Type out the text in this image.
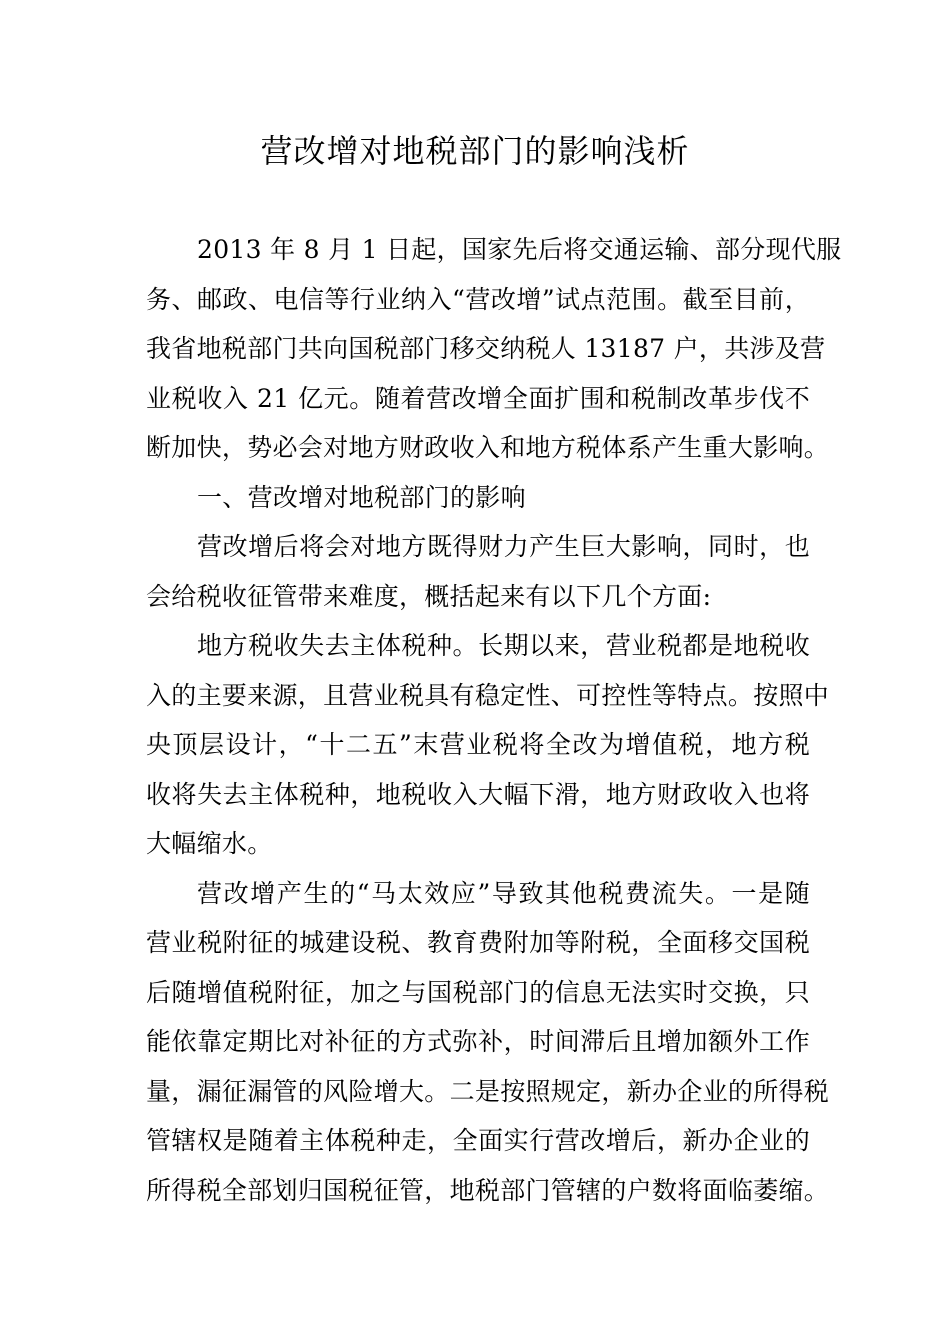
营改增对地税部门的影响浅析

2013 年 8 月 1 日起，国家先后将交通运输、部分现代服
务、邮政、电信等行业纳入“营改增”试点范围。截至目前，
我省地税部门共向国税部门移交纳税人 13187 户，共涉及营
业税收入 21 亿元。随着营改增全面扩围和税制改革步伐不
断加快，势必会对地方财政收入和地方税体系产生重大影响。

一、营改增对地税部门的影响

营改增后将会对地方既得财力产生巨大影响，同时，也
会给税收征管带来难度，概括起来有以下几个方面:

地方税收失去主体税种。长期以来，营业税都是地税收
入的主要来源，且营业税具有稳定性、可控性等特点。按照中
央顶层设计，“十二五”末营业税将全改为增值税，地方税
收将失去主体税种，地税收入大幅下滑，地方财政收入也将
大幅缩水。

营改增产生的“马太效应”导致其他税费流失。一是随
营业税附征的城建设税、教育费附加等附税，全面移交国税
后随增值税附征，加之与国税部门的信息无法实时交换，只
能依靠定期比对补征的方式弥补，时间滞后且增加额外工作
量，漏征漏管的风险增大。二是按照规定，新办企业的所得税
管辖权是随着主体税种走，全面实行营改增后，新办企业的
所得税全部划归国税征管，地税部门管辖的户数将面临萎缩。
